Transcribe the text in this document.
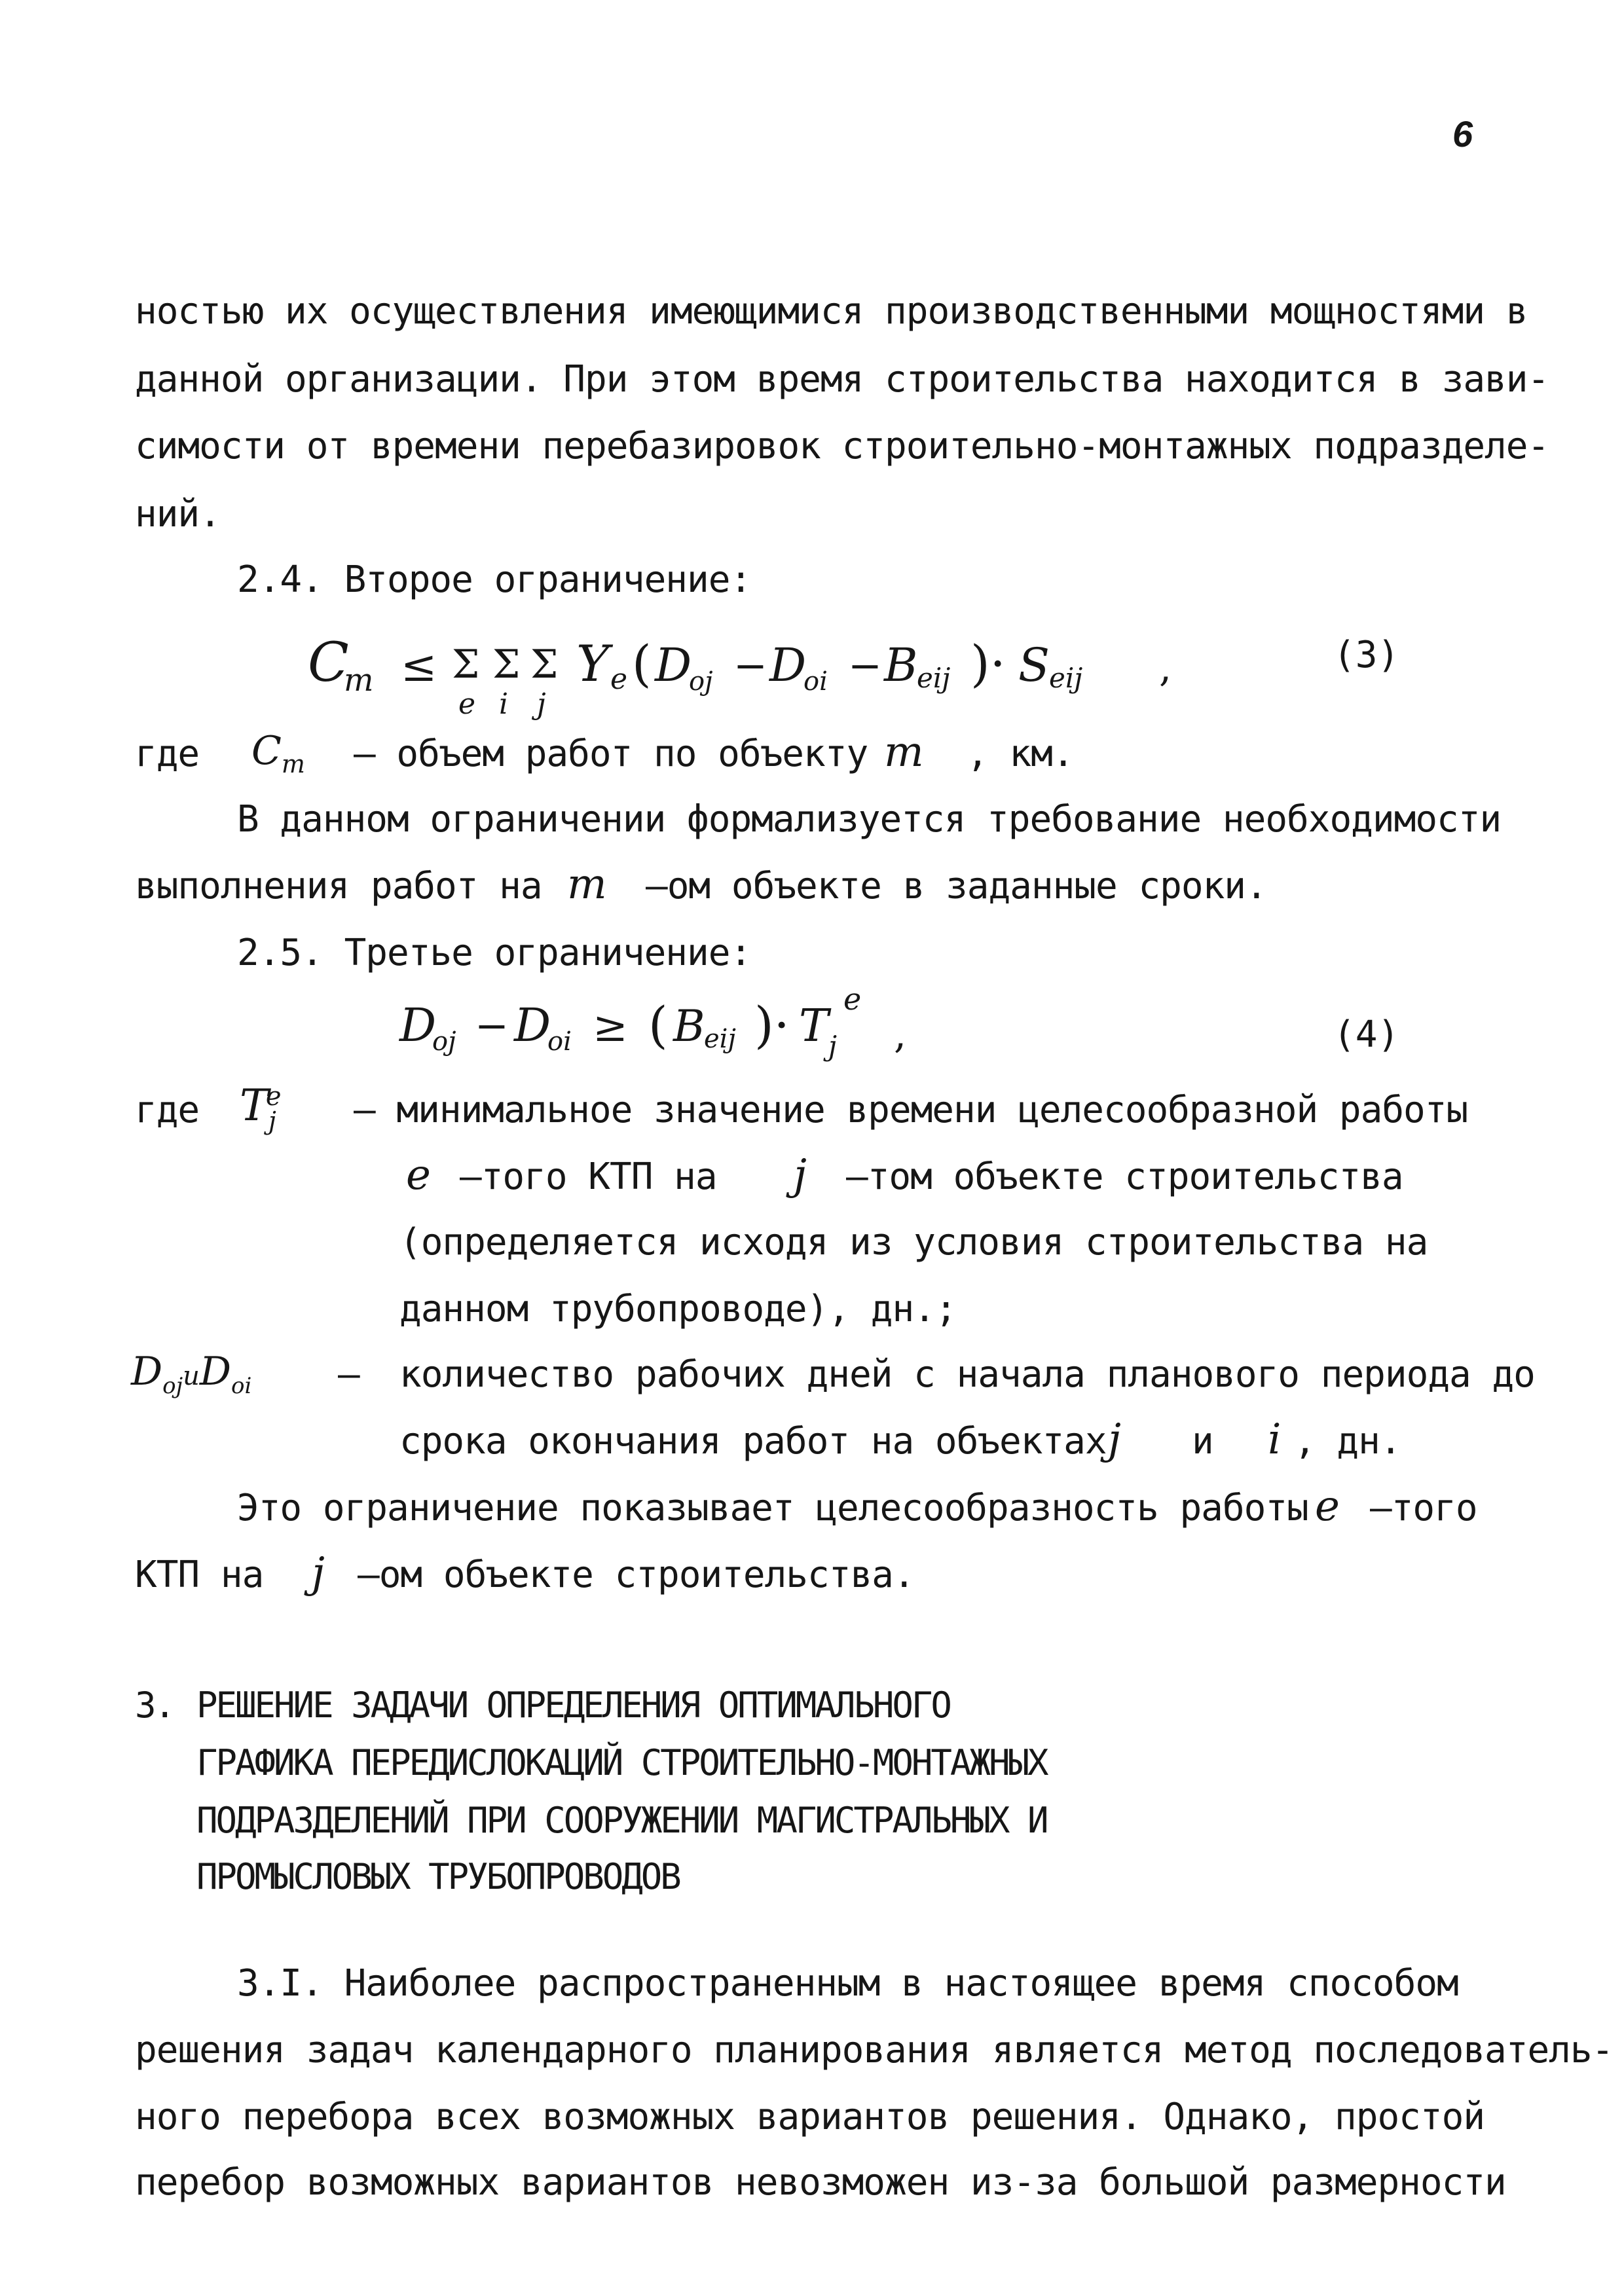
6
ностью их осуществления имеющимися производственными мощностями в
данной организации. При этом время строительства находится в зави-
симости от времени перебазировок строительно-монтажных подразделе-
ний.
2.4. Второе ограничение:
C
m ≤ Σ Σ Σ
e i j
Y e ( D
oj − D
oi − B
eij )· S eij ,	(3)
где $C_m$ – объем работ по объекту m , км.
В данном ограничении формализуется требование необходимости
выполнения работ на m –ом объекте в заданные сроки.
2.5. Третье ограничение:
D
oj − D
oi ≥ ( B
eij )· T j
e
,	(4)
где $T_j^e$ – минимальное значение времени целесообразной работы
e –того КТП на j –том объекте строительства
(определяется исходя из условия строительства на
данном трубопроводе), дн.;
$D_{oj}иD_{oi}$ – количество рабочих дней с начала планового периода до
срока окончания работ на объектах j и i , дн.
Это ограничение показывает целесообразность работы e –того
КТП на j –ом объекте строительства.
3. РЕШЕНИЕ ЗАДАЧИ ОПРЕДЕЛЕНИЯ ОПТИМАЛЬНОГО
ГРАФИКА ПЕРЕДИСЛОКАЦИЙ СТРОИТЕЛЬНО-МОНТАЖНЫХ
ПОДРАЗДЕЛЕНИЙ ПРИ СООРУЖЕНИИ МАГИСТРАЛЬНЫХ И
ПРОМЫСЛОВЫХ ТРУБОПРОВОДОВ
3.I. Наиболее распространенным в настоящее время способом
решения задач календарного планирования является метод последователь-
ного перебора всех возможных вариантов решения. Однако, простой
перебор возможных вариантов невозможен из-за большой размерности
